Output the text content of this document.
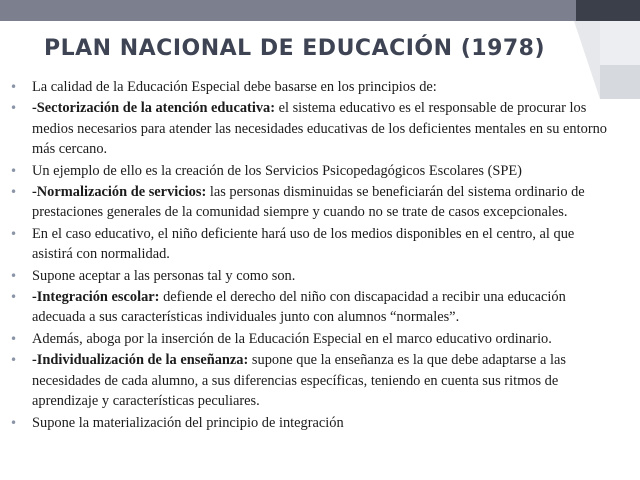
PLAN NACIONAL DE EDUCACIÓN (1978)
• La calidad de la Educación Especial debe basarse en los principios de:
• -Sectorización de la atención educativa: el sistema educativo es el responsable de procurar los medios necesarios para atender las necesidades educativas de los deficientes mentales en su entorno más cercano.
• Un ejemplo de ello es la creación de los Servicios Psicopedagógicos Escolares (SPE)
• -Normalización de servicios: las personas disminuidas se beneficiarán del sistema ordinario de prestaciones generales de la comunidad siempre y cuando no se trate de casos excepcionales.
• En el caso educativo, el niño deficiente hará uso de los medios disponibles en el centro, al que asistirá con normalidad.
• Supone aceptar a las personas tal y como son.
• -Integración escolar: defiende el derecho del niño con discapacidad a recibir una educación adecuada a sus características individuales junto con alumnos “normales”.
• Además, aboga por la inserción de la Educación Especial en el marco educativo ordinario.
• -Individualización de la enseñanza: supone que la enseñanza es la que debe adaptarse a las necesidades de cada alumno, a sus diferencias específicas, teniendo en cuenta sus ritmos de aprendizaje y características peculiares.
• Supone la materialización del principio de integración
